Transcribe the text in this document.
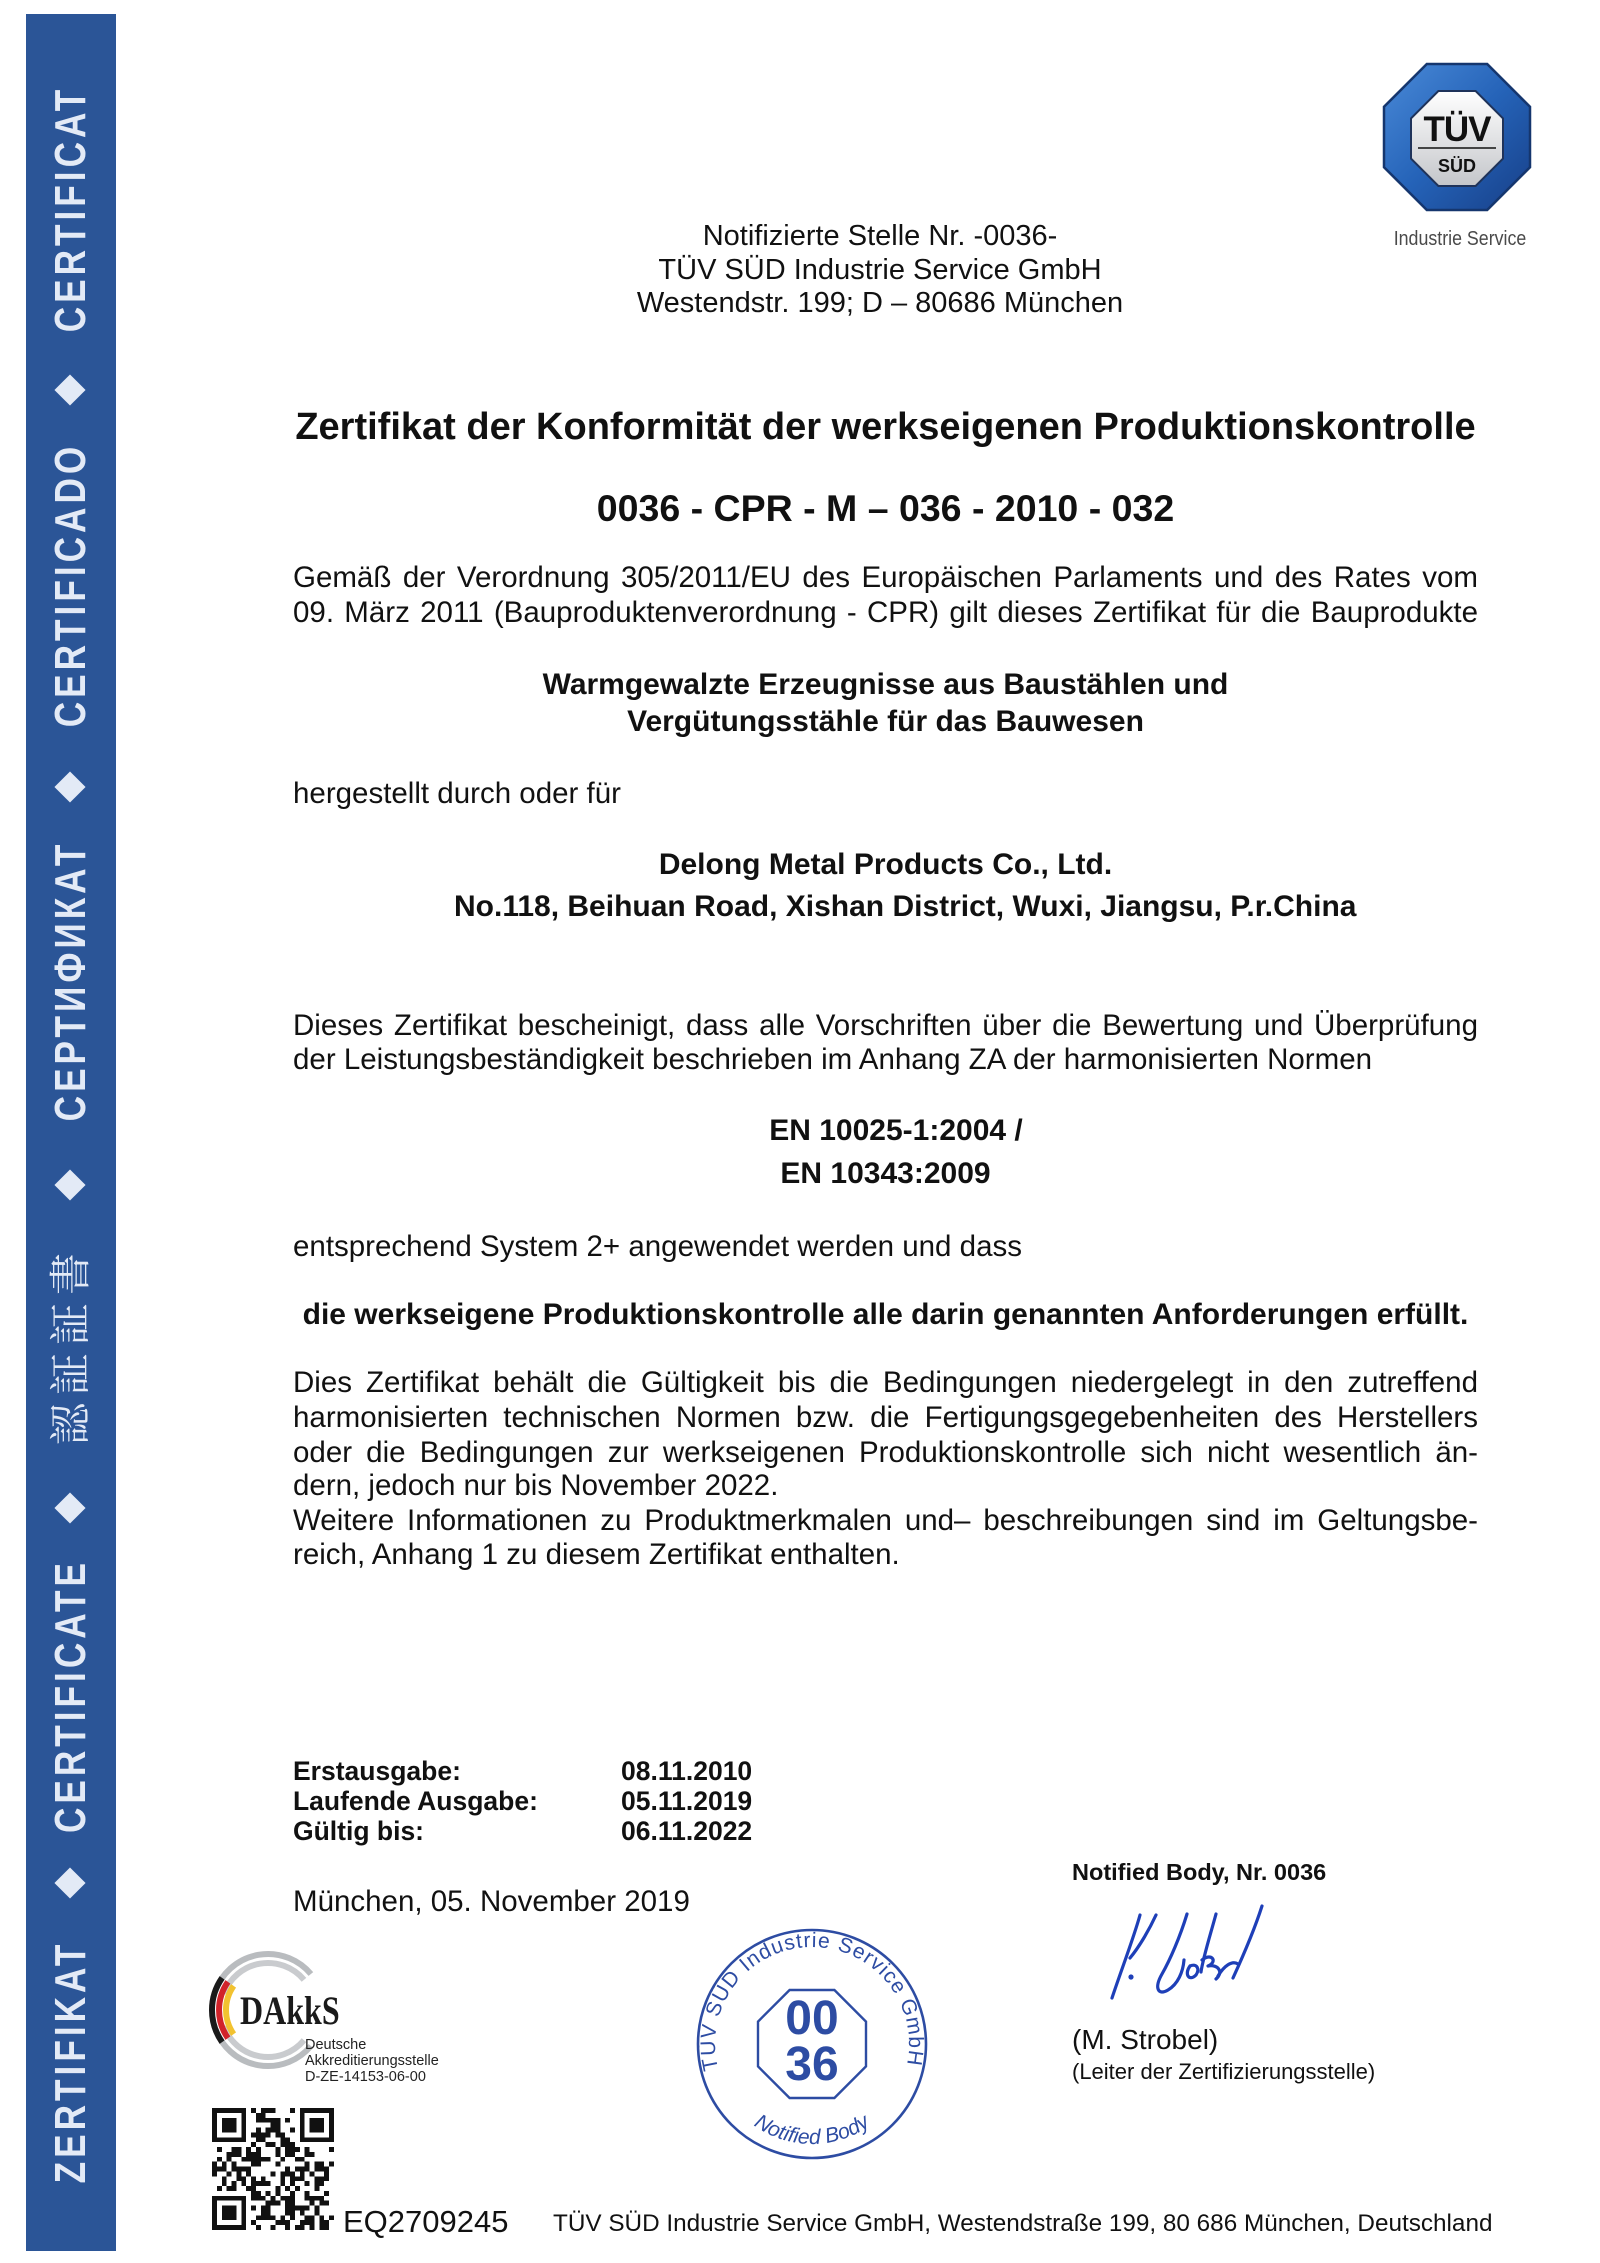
CERTIFICAT
CERTIFICADO
СЕРТИФИКАТ
認証証書
CERTIFICATE
ZERTIFIKAT
TÜV
SÜD
Industrie Service
Notifizierte Stelle Nr. -0036-
TÜV SÜD Industrie Service GmbH
Westendstr. 199; D – 80686 München
Zertifikat der Konformität der werkseigenen Produktionskontrolle
0036 - CPR - M – 036 - 2010 - 032
Gemäß der Verordnung 305/2011/EU des Europäischen Parlaments und des Rates vom
09. März 2011 (Bauproduktenverordnung - CPR) gilt dieses Zertifikat für die Bauprodukte
Warmgewalzte Erzeugnisse aus Baustählen und
Vergütungsstähle für das Bauwesen
hergestellt durch oder für
Delong Metal Products Co., Ltd.
No.118, Beihuan Road, Xishan District, Wuxi, Jiangsu, P.r.China
Dieses Zertifikat bescheinigt, dass alle Vorschriften über die Bewertung und Überprüfung
der Leistungsbeständigkeit beschrieben im Anhang ZA der harmonisierten Normen
EN 10025-1:2004 /
EN 10343:2009
entsprechend System 2+ angewendet werden und dass
die werkseigene Produktionskontrolle alle darin genannten Anforderungen erfüllt.
Dies Zertifikat behält die Gültigkeit bis die Bedingungen niedergelegt in den zutreffend
harmonisierten technischen Normen bzw. die Fertigungsgegebenheiten des Herstellers
oder die Bedingungen zur werkseigenen Produktionskontrolle sich nicht wesentlich än-
dern, jedoch nur bis November 2022.
Weitere Informationen zu Produktmerkmalen und– beschreibungen sind im Geltungsbe-
reich, Anhang 1 zu diesem Zertifikat enthalten.
Erstausgabe:	08.11.2010
Laufende Ausgabe:	05.11.2019
Gültig bis:	06.11.2022
Notified Body, Nr. 0036
München, 05. November 2019
(M. Strobel)
(Leiter der Zertifizierungsstelle)
TÜV SÜD Industrie Service GmbH
Notified Body
00
36
DAkkS
Deutsche
Akkreditierungsstelle
D-ZE-14153-06-00
EQ2709245 TÜV SÜD Industrie Service GmbH, Westendstraße 199, 80 686 München, Deutschland
